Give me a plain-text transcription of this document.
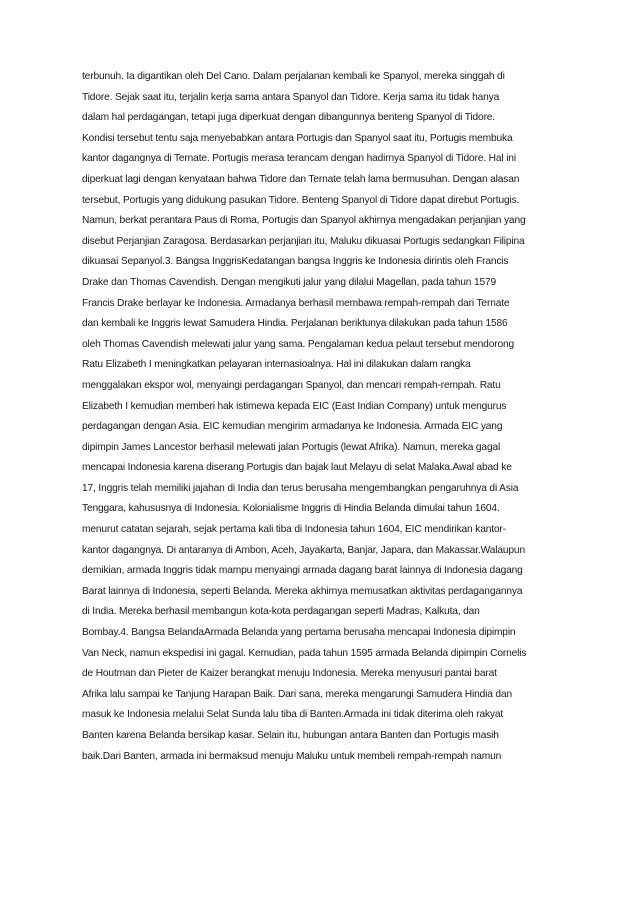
terbunuh. Ia digantikan oleh Del Cano. Dalam perjalanan kembali ke Spanyol, mereka singgah di
Tidore. Sejak saat itu, terjalin kerja sama antara Spanyol dan Tidore. Kerja sama itu tidak hanya
dalam hal perdagangan, tetapi juga diperkuat dengan dibangunnya benteng Spanyol di Tidore.
Kondisi tersebut tentu saja menyebabkan antara Portugis dan Spanyol saat itu, Portugis membuka
kantor dagangnya di Ternate. Portugis merasa terancam dengan hadirnya Spanyol di Tidore. Hal ini
diperkuat lagi dengan kenyataan bahwa Tidore dan Ternate telah lama bermusuhan. Dengan alasan
tersebut, Portugis yang didukung pasukan Tidore. Benteng Spanyol di Tidore dapat direbut Portugis.
Namun, berkat perantara Paus di Roma, Portugis dan Spanyol akhirnya mengadakan perjanjian yang
disebut Perjanjian Zaragosa. Berdasarkan perjanjian itu, Maluku dikuasai Portugis sedangkan Filipina
dikuasai Sepanyol.3. Bangsa InggrisKedatangan bangsa Inggris ke Indonesia dirintis oleh Francis
Drake dan Thomas Cavendish. Dengan mengikuti jalur yang dilalui Magellan, pada tahun 1579
Francis Drake berlayar ke Indonesia. Armadanya berhasil membawa rempah-rempah dari Ternate
dan kembali ke Inggris lewat Samudera Hindia. Perjalanan beriktunya dilakukan pada tahun 1586
oleh Thomas Cavendish melewati jalur yang sama. Pengalaman kedua pelaut tersebut mendorong
Ratu Elizabeth I meningkatkan pelayaran internasioalnya. Hal ini dilakukan dalam rangka
menggalakan ekspor wol, menyaingi perdagangan Spanyol, dan mencari rempah-rempah. Ratu
Elizabeth I kemudian memberi hak istimewa kepada EIC (East Indian Company) untuk mengurus
perdagangan dengan Asia. EIC kemudian mengirim armadanya ke Indonesia. Armada EIC yang
dipimpin James Lancestor berhasil melewati jalan Portugis (lewat Afrika). Namun, mereka gagal
mencapai Indonesia karena diserang Portugis dan bajak laut Melayu di selat Malaka.Awal abad ke
17, Inggris telah memiliki jajahan di India dan terus berusaha mengembangkan pengaruhnya di Asia
Tenggara, kahususnya di Indonesia. Kolonialisme Inggris di Hindia Belanda dimulai tahun 1604.
menurut catatan sejarah, sejak pertama kali tiba di Indonesia tahun 1604, EIC mendirikan kantor-
kantor dagangnya. Di antaranya di Ambon, Aceh, Jayakarta, Banjar, Japara, dan Makassar.Walaupun
demikian, armada Inggris tidak mampu menyaingi armada dagang barat lainnya di Indonesia dagang
Barat lainnya di Indonesia, seperti Belanda. Mereka akhirnya memusatkan aktivitas perdagangannya
di India. Mereka berhasil membangun kota-kota perdagangan seperti Madras, Kalkuta, dan
Bombay.4. Bangsa BelandaArmada Belanda yang pertama berusaha mencapai Indonesia dipimpin
Van Neck, namun ekspedisi ini gagal. Kemudian, pada tahun 1595 armada Belanda dipimpin Cornelis
de Houtman dan Pieter de Kaizer berangkat menuju Indonesia. Mereka menyusuri pantai barat
Afrika lalu sampai ke Tanjung Harapan Baik. Dari sana, mereka mengarungi Samudera Hindia dan
masuk ke Indonesia melalui Selat Sunda lalu tiba di Banten.Armada ini tidak diterima oleh rakyat
Banten karena Belanda bersikap kasar. Selain itu, hubungan antara Banten dan Portugis masih
baik.Dari Banten, armada ini bermaksud menuju Maluku untuk membeli rempah-rempah namun
